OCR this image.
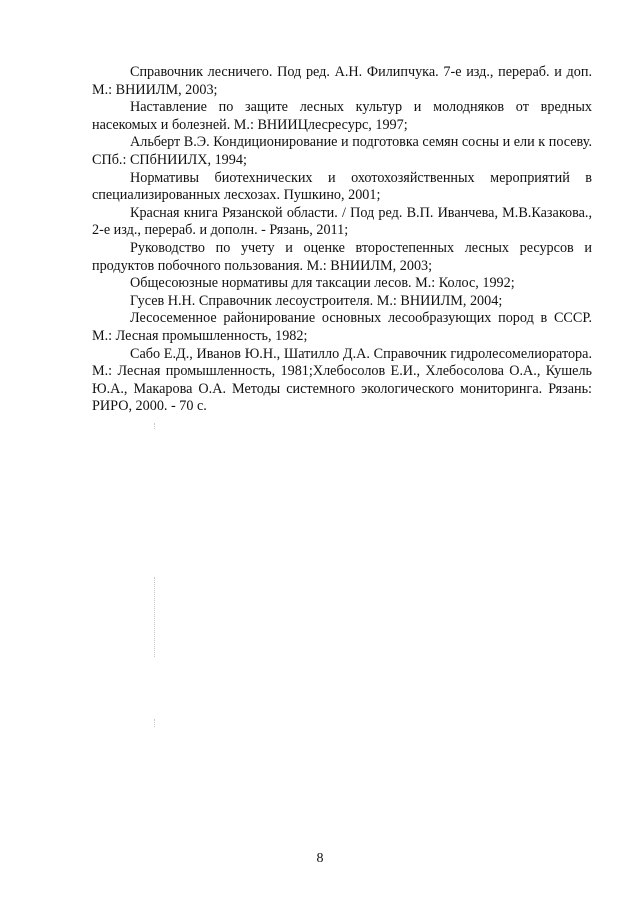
Справочник лесничего. Под ред. А.Н. Филипчука. 7-е изд., перераб. и доп. М.: ВНИИЛМ, 2003;

Наставление по защите лесных культур и молодняков от вредных насекомых и болезней. М.: ВНИИЦлесресурс, 1997;

Альберт В.Э. Кондиционирование и подготовка семян сосны и ели к посеву. СПб.: СПбНИИЛХ, 1994;

Нормативы биотехнических и охотохозяйственных мероприятий в специализированных лесхозах. Пушкино, 2001;

Красная книга Рязанской области. / Под ред. В.П. Иванчева, М.В.Казакова., 2-е изд., перераб. и дополн. - Рязань, 2011;

Руководство по учету и оценке второстепенных лесных ресурсов и продуктов побочного пользования. М.: ВНИИЛМ, 2003;

Общесоюзные нормативы для таксации лесов. М.: Колос, 1992;

Гусев Н.Н. Справочник лесоустроителя. М.: ВНИИЛМ, 2004;

Лесосеменное районирование основных лесообразующих пород в СССР. М.: Лесная промышленность, 1982;

Сабо Е.Д., Иванов Ю.Н., Шатилло Д.А. Справочник гидролесомелиоратора. М.: Лесная промышленность, 1981;Хлебосолов Е.И., Хлебосолова О.А., Кушель Ю.А., Макарова О.А. Методы системного экологического мониторинга. Рязань: РИРО, 2000. - 70 с.

8
